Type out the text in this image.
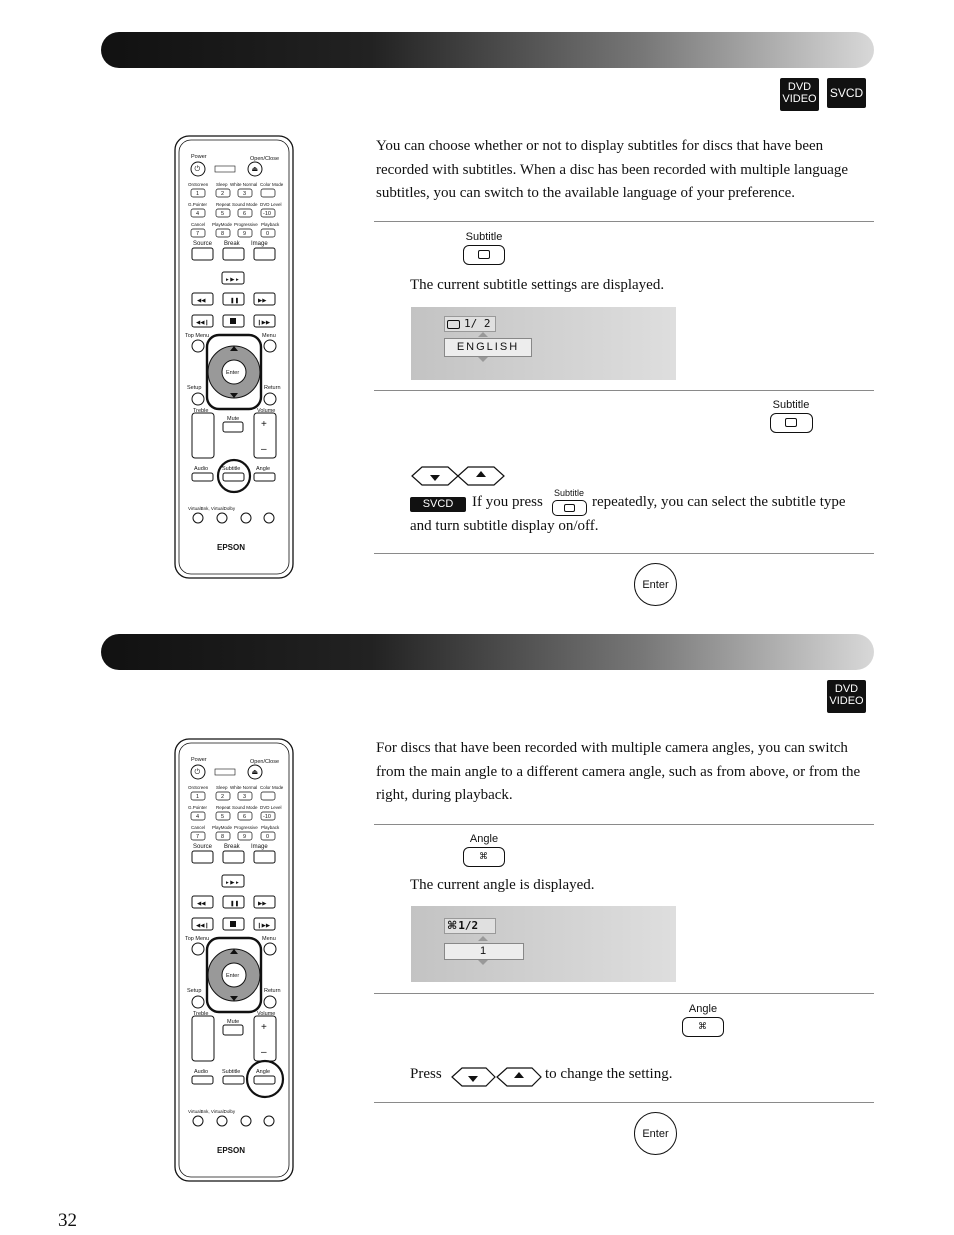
DVD
VIDEO SVCD
Power	Open/Close
⏻	⏏
OnScreen Sleep White Normal Color Mode
1	2	3
G.Pointer Repeat Sound Mode DVD Level
4	5	6	-10
Cancel PlayMode Progressive Playback
7	8	9	0
Source Break Image
▸ ▶ ▸
◀◀	❚❚	▶▶
◀◀❙	❙▶▶
Top Menu	Menu
Enter
Setup	Return
Treble	Volume
Mute +
–
Audio	Subtitle	Angle
VirtualBnk, VirtualDolby
EPSON

You can choose whether or not to display subtitles for discs that have been recorded with subtitles. When a disc has been recorded with multiple language subtitles, you can switch to the available language of your preference.

Subtitle
The current subtitle settings are displayed.
1/ 2
ENGLISH
Subtitle
SVCD	If you press
Subtitle
repeatedly, you can select the subtitle type
and turn subtitle display on/off.
Enter
DVD
VIDEO
Power	Open/Close
⏻	⏏
OnScreen Sleep White Normal Color Mode
1	2	3
G.Pointer Repeat Sound Mode DVD Level
4	5	6	-10
Cancel PlayMode Progressive Playback
7	8	9	0
Source Break Image
▸ ▶ ▸
◀◀	❚❚	▶▶
◀◀❙	❙▶▶
Top Menu	Menu
Enter
Setup	Return
Treble	Volume
Mute +
–
Audio	Subtitle	Angle
VirtualBnk, VirtualDolby
EPSON

For discs that have been recorded with multiple camera angles, you can switch from the main angle to a different camera angle, such as from above, or from the right, during playback.

Angle
⌘
The current angle is displayed.
⌘1/2
1
Angle
⌘
Press	to change the setting.
Enter
32
